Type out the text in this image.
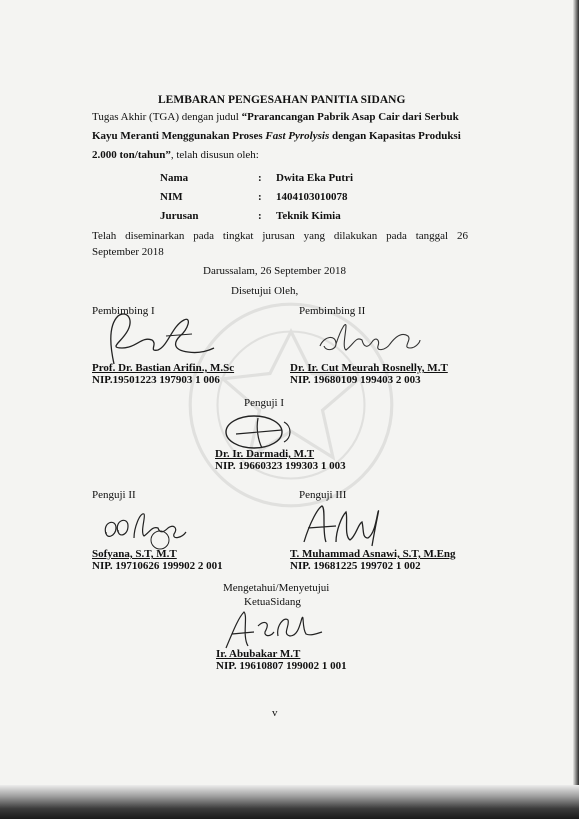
LEMBARAN PENGESAHAN PANITIA SIDANG
Tugas Akhir (TGA) dengan judul “Prarancangan Pabrik Asap Cair dari Serbuk
Kayu Meranti Menggunakan Proses Fast Pyrolysis dengan Kapasitas Produksi
2.000 ton/tahun”, telah disusun oleh:
Nama	: Dwita Eka Putri
NIM	: 1404103010078
Jurusan	: Teknik Kimia
Telah diseminarkan pada tingkat jurusan yang dilakukan pada tanggal 26
September 2018
Darussalam, 26 September 2018
Disetujui Oleh,
Pembimbing I
Prof. Dr. Bastian Arifin., M.Sc
NIP.19501223 197903 1 006
Pembimbing II
Dr. Ir. Cut Meurah Rosnelly, M.T
NIP. 19680109 199403 2 003
Penguji I
Dr. Ir. Darmadi, M.T
NIP. 19660323 199303 1 003
Penguji II
Sofyana, S.T, M.T
NIP. 19710626 199902 2 001
Penguji III
T. Muhammad Asnawi, S.T, M.Eng
NIP. 19681225 199702 1 002
Mengetahui/Menyetujui
KetuaSidang
Ir. Abubakar M.T
NIP. 19610807 199002 1 001
v
